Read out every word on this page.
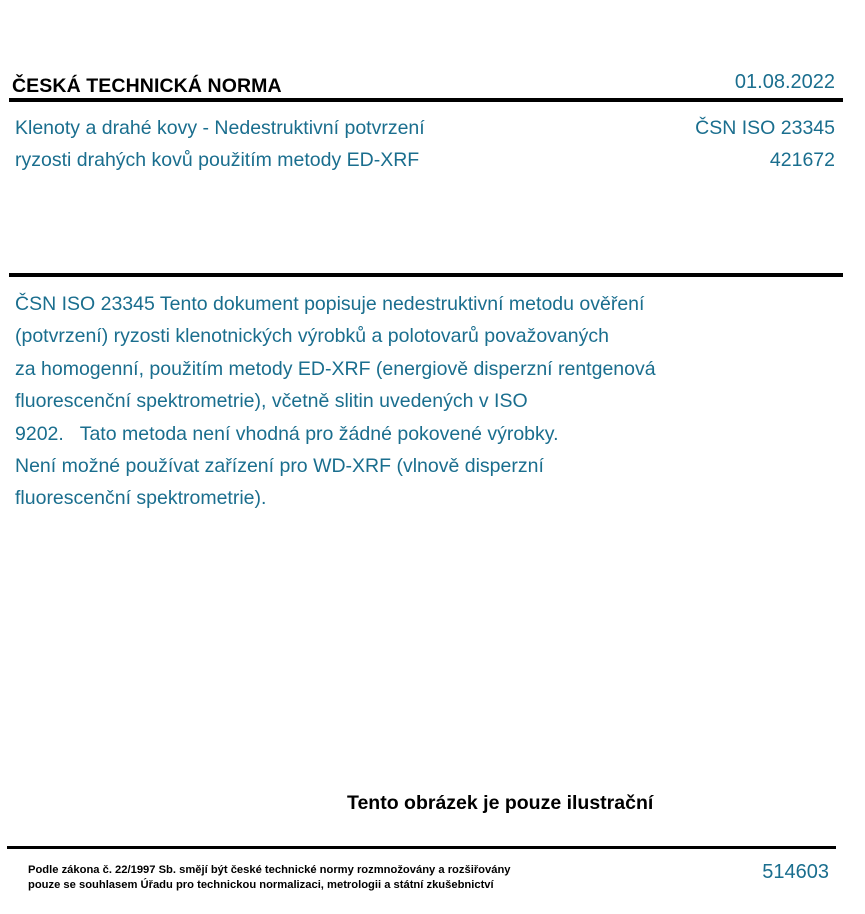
ČESKÁ TECHNICKÁ NORMA	01.08.2022
Klenoty a drahé kovy - Nedestruktivní potvrzení
ryzosti drahých kovů použitím metody ED-XRF
ČSN ISO 23345
421672
ČSN ISO 23345 Tento dokument popisuje nedestruktivní metodu ověření
(potvrzení) ryzosti klenotnických výrobků a polotovarů považovaných
za homogenní, použitím metody ED-XRF (energiově disperzní rentgenová
fluorescenční spektrometrie), včetně slitin uvedených v ISO
9202.   Tato metoda není vhodná pro žádné pokovené výrobky.
Není možné používat zařízení pro WD-XRF (vlnově disperzní
fluorescenční spektrometrie).
Tento obrázek je pouze ilustrační
Podle zákona č. 22/1997 Sb. smějí být české technické normy rozmnožovány a rozšiřovány
pouze se souhlasem Úřadu pro technickou normalizaci, metrologii a státní zkušebnictví
514603
